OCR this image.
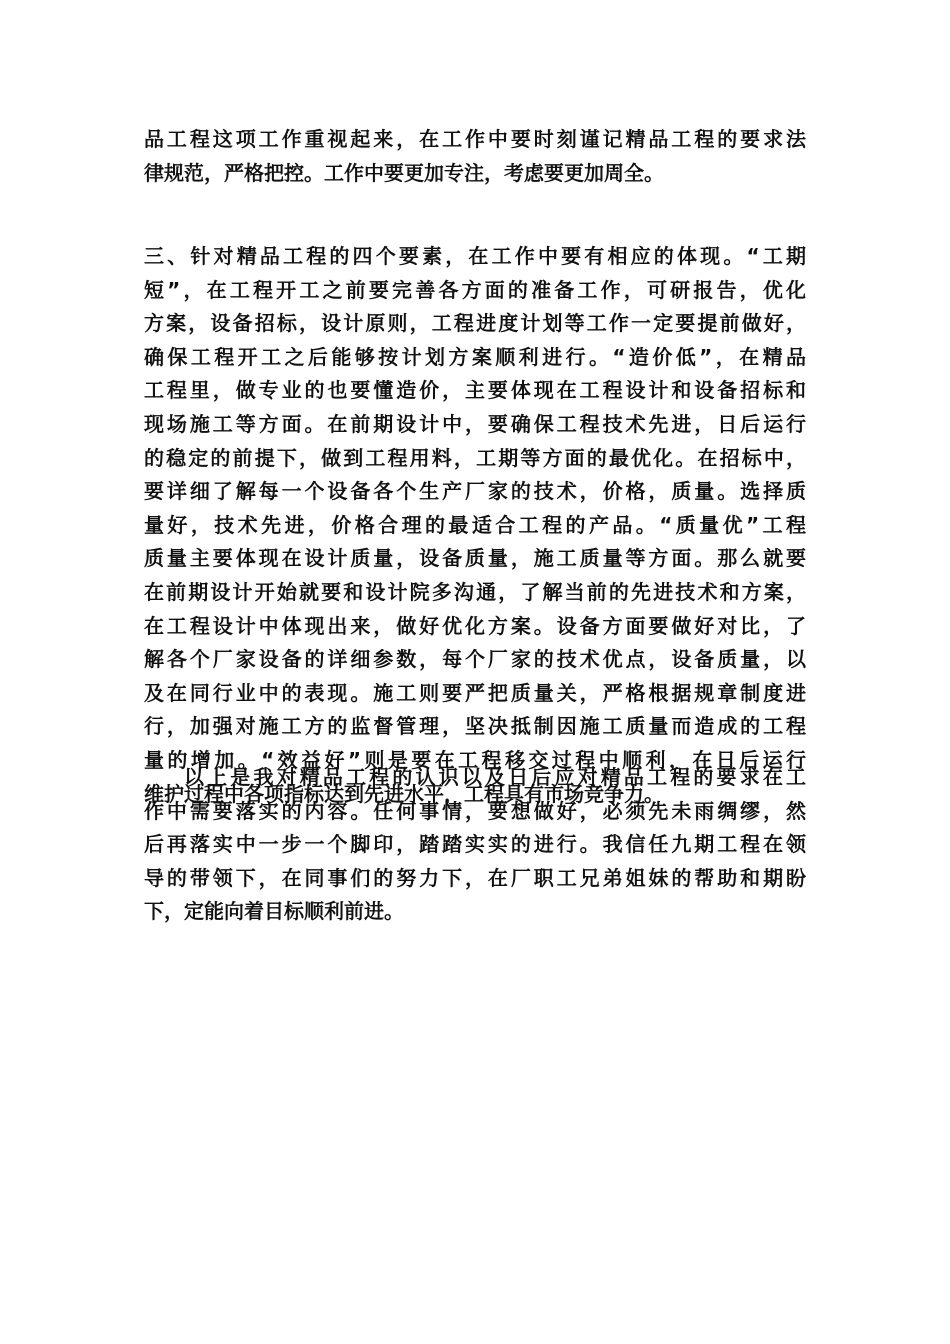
品工程这项工作重视起来，在工作中要时刻谨记精品工程的要求法
律规范，严格把控。工作中要更加专注，考虑要更加周全。
三、针对精品工程的四个要素，在工作中要有相应的体现。“工期
短”，在工程开工之前要完善各方面的准备工作，可研报告，优化
方案，设备招标，设计原则，工程进度计划等工作一定要提前做好，
确保工程开工之后能够按计划方案顺利进行。“造价低”，在精品
工程里，做专业的也要懂造价，主要体现在工程设计和设备招标和
现场施工等方面。在前期设计中，要确保工程技术先进，日后运行
的稳定的前提下，做到工程用料，工期等方面的最优化。在招标中，
要详细了解每一个设备各个生产厂家的技术，价格，质量。选择质
量好，技术先进，价格合理的最适合工程的产品。“质量优”工程
质量主要体现在设计质量，设备质量，施工质量等方面。那么就要
在前期设计开始就要和设计院多沟通，了解当前的先进技术和方案，
在工程设计中体现出来，做好优化方案。设备方面要做好对比，了
解各个厂家设备的详细参数，每个厂家的技术优点，设备质量，以
及在同行业中的表现。施工则要严把质量关，严格根据规章制度进
行，加强对施工方的监督管理，坚决抵制因施工质量而造成的工程
量的增加。“效益好”则是要在工程移交过程中顺利，在日后运行
维护过程中各项指标达到先进水平，工程具有市场竞争力。
以上是我对精品工程的认识以及日后应对精品工程的要求在工
作中需要落实的内容。任何事情，要想做好，必须先未雨绸缪，然
后再落实中一步一个脚印，踏踏实实的进行。我信任九期工程在领
导的带领下，在同事们的努力下，在厂职工兄弟姐妹的帮助和期盼
下，定能向着目标顺利前进。
